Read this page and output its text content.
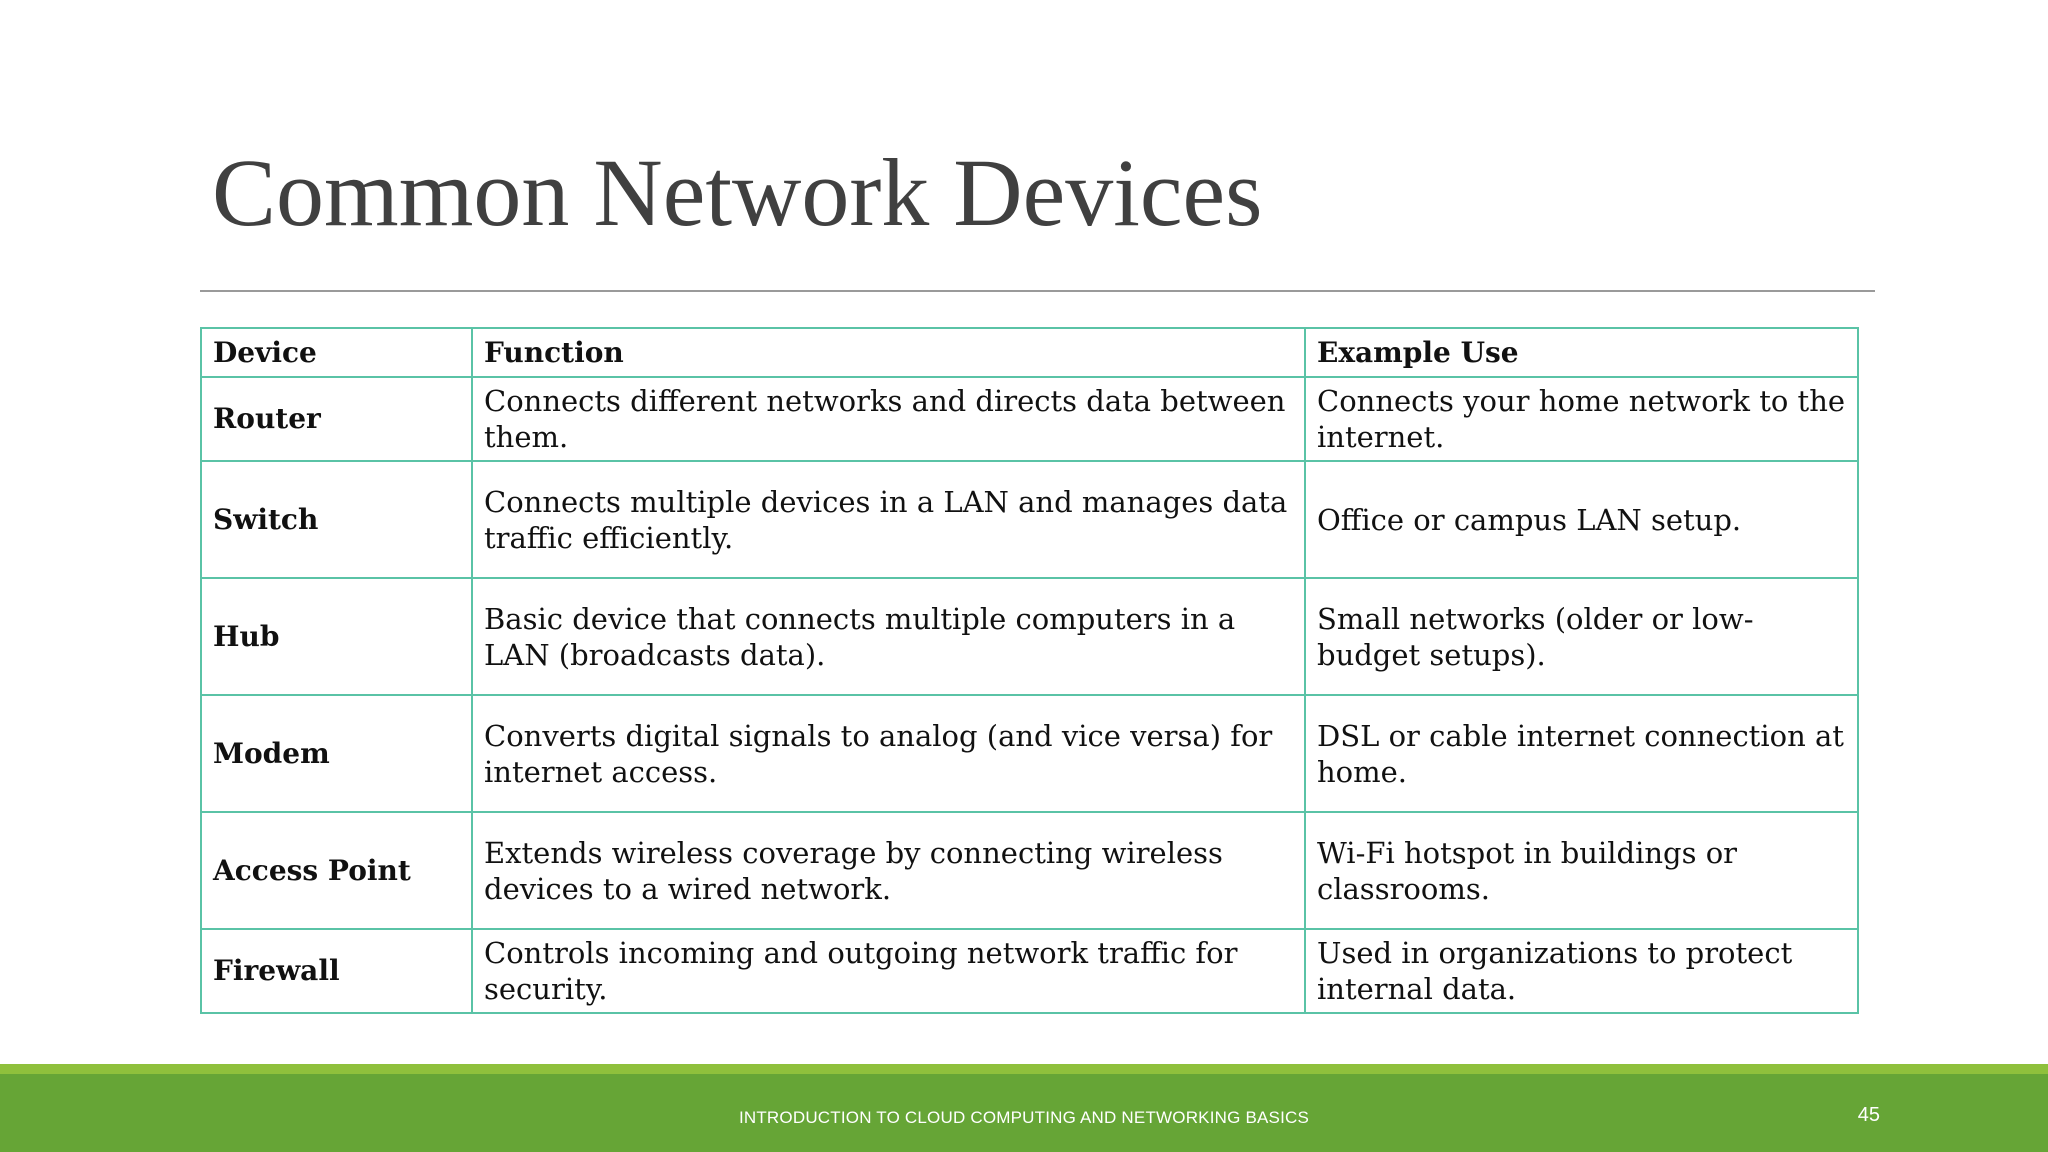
Common Network Devices
Device	Function	Example Use
Router	Connects different networks and directs data between them.	Connects your home network to the internet.
Switch	Connects multiple devices in a LAN and manages data traffic efficiently.	Office or campus LAN setup.
Hub	Basic device that connects multiple computers in a LAN (broadcasts data).	Small networks (older or low-budget setups).
Modem	Converts digital signals to analog (and vice versa) for internet access.	DSL or cable internet connection at home.
Access Point	Extends wireless coverage by connecting wireless devices to a wired network.	Wi-Fi hotspot in buildings or classrooms.
Firewall	Controls incoming and outgoing network traffic for security.	Used in organizations to protect internal data.
INTRODUCTION TO CLOUD COMPUTING AND NETWORKING BASICS	45
